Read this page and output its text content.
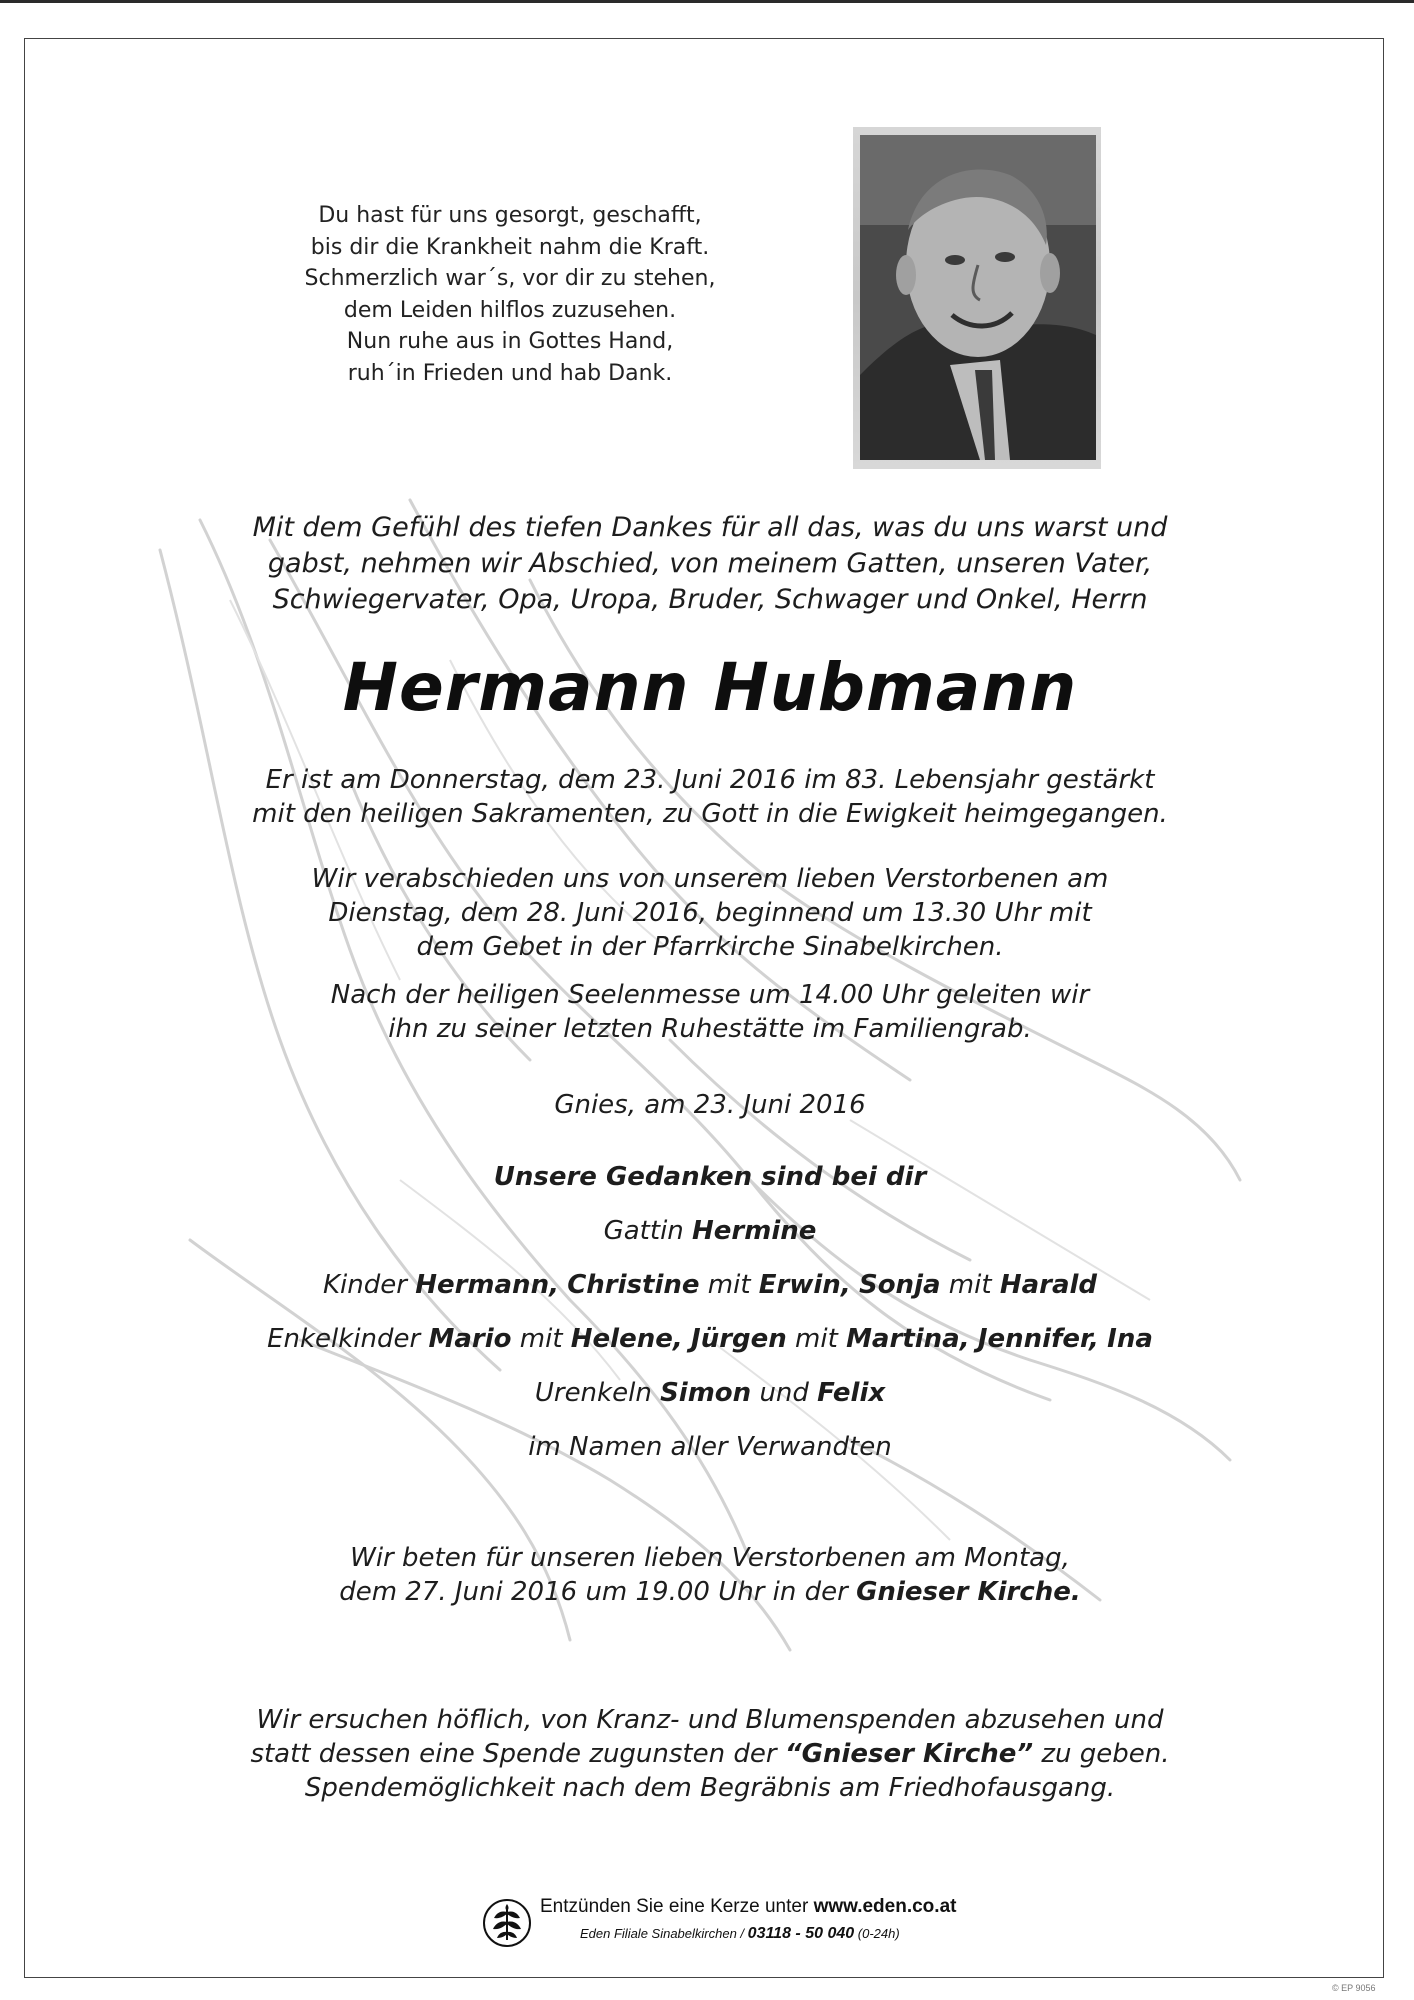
Du hast für uns gesorgt, geschafft,
bis dir die Krankheit nahm die Kraft.
Schmerzlich war´s, vor dir zu stehen,
dem Leiden hilflos zuzusehen.
Nun ruhe aus in Gottes Hand,
ruh´in Frieden und hab Dank.
Mit dem Gefühl des tiefen Dankes für all das, was du uns warst und
gabst, nehmen wir Abschied, von meinem Gatten, unseren Vater,
Schwiegervater, Opa, Uropa, Bruder, Schwager und Onkel, Herrn
Hermann Hubmann
Er ist am Donnerstag, dem 23. Juni 2016 im 83. Lebensjahr gestärkt
mit den heiligen Sakramenten, zu Gott in die Ewigkeit heimgegangen.
Wir verabschieden uns von unserem lieben Verstorbenen am
Dienstag, dem 28. Juni 2016, beginnend um 13.30 Uhr mit
dem Gebet in der Pfarrkirche Sinabelkirchen.
Nach der heiligen Seelenmesse um 14.00 Uhr geleiten wir
ihn zu seiner letzten Ruhestätte im Familiengrab.
Gnies, am 23. Juni 2016
Unsere Gedanken sind bei dir
Gattin Hermine
Kinder Hermann, Christine mit Erwin, Sonja mit Harald
Enkelkinder Mario mit Helene, Jürgen mit Martina, Jennifer, Ina
Urenkeln Simon und Felix
im Namen aller Verwandten
Wir beten für unseren lieben Verstorbenen am Montag,
dem 27. Juni 2016 um 19.00 Uhr in der Gnieser Kirche.
Wir ersuchen höflich, von Kranz- und Blumenspenden abzusehen und
statt dessen eine Spende zugunsten der “Gnieser Kirche” zu geben.
Spendemöglichkeit nach dem Begräbnis am Friedhofausgang.
Entzünden Sie eine Kerze unter www.eden.co.at
Eden Filiale Sinabelkirchen / 03118 - 50 040 (0-24h)
© EP 9056
